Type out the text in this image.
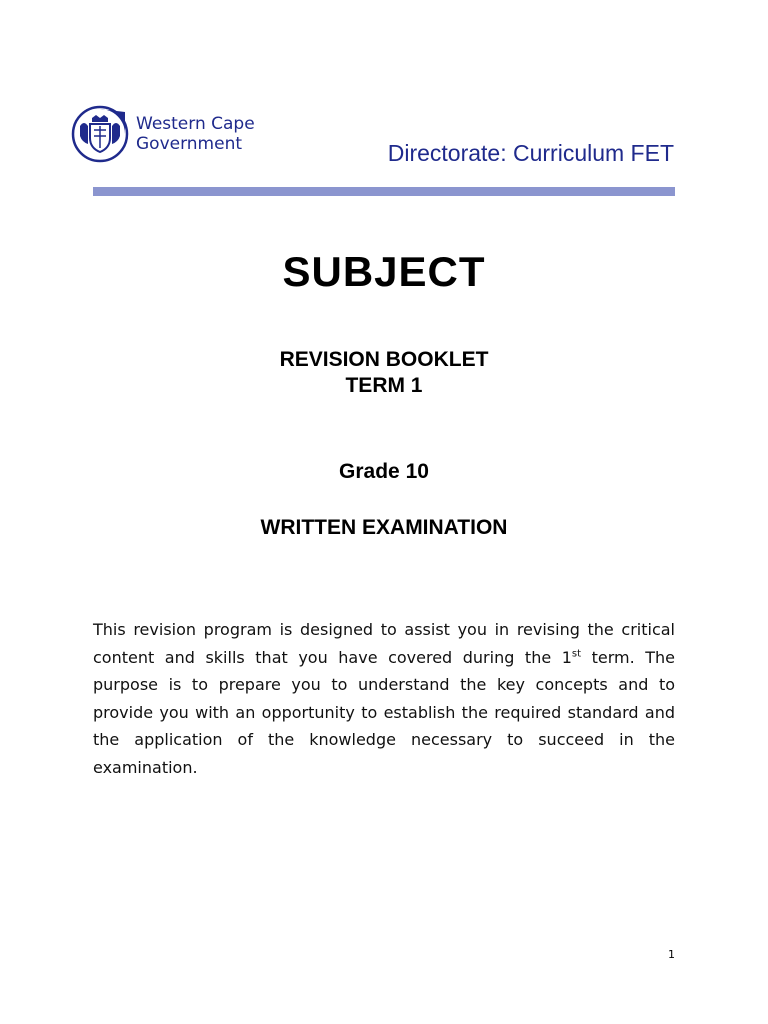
Western Cape
Government	Directorate: Curriculum FET
SUBJECT
REVISION BOOKLET
TERM 1
Grade 10
WRITTEN EXAMINATION
This revision program is designed to assist you in revising the critical content and skills that you have covered during the 1st term. The purpose is to prepare you to understand the key concepts and to provide you with an opportunity to establish the required standard and the application of the knowledge necessary to succeed in the examination.
1
